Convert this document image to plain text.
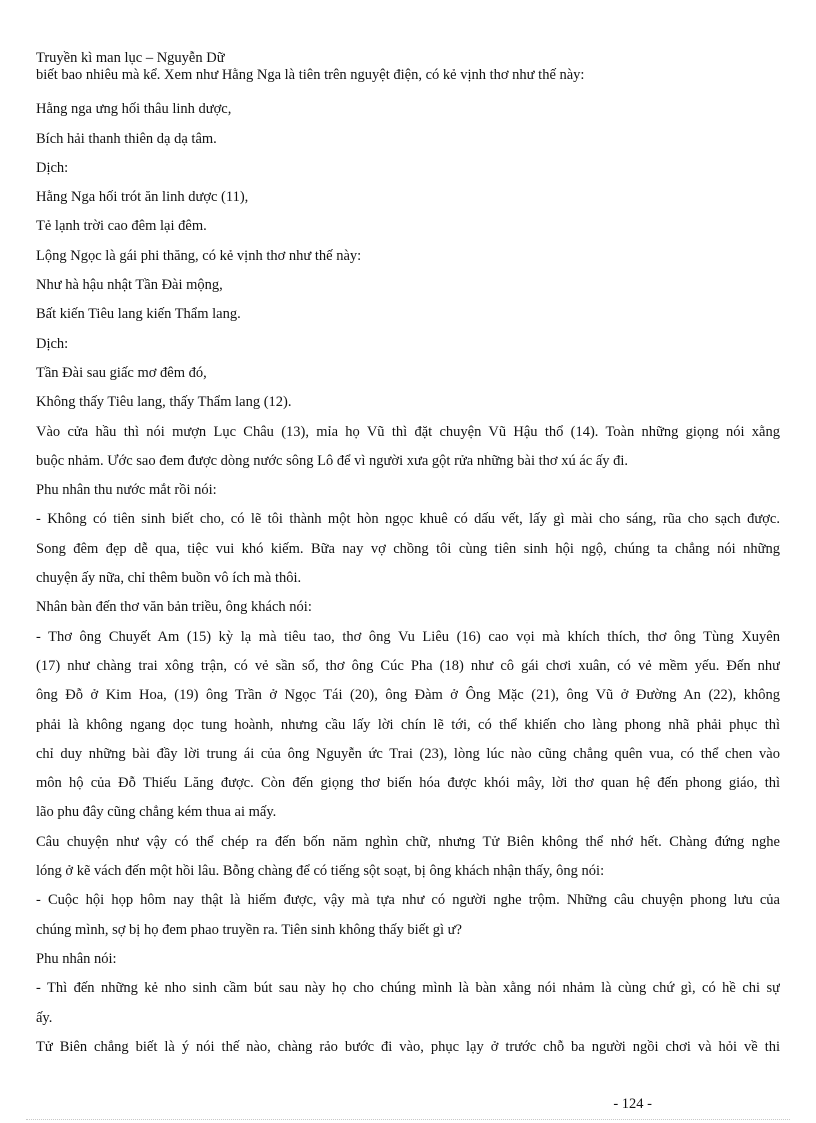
Truyền kì man lục – Nguyễn Dữ
biết bao nhiêu mà kể. Xem như Hằng Nga là tiên trên nguyệt điện, có kẻ vịnh thơ như thế này:
Hằng nga ưng hối thâu linh dược,
Bích hải thanh thiên dạ dạ tâm.
Dịch:
Hằng Nga hối trót ăn linh dược (11),
Tẻ lạnh trời cao đêm lại đêm.
Lộng Ngọc là gái phi thăng, có kẻ vịnh thơ như thế này:
Như hà hậu nhật Tần Đài mộng,
Bất kiến Tiêu lang kiến Thẩm lang.
Dịch:
Tần Đài sau giấc mơ đêm đó,
Không thấy Tiêu lang, thấy Thẩm lang (12).
Vào cửa hầu thì nói mượn Lục Châu (13), mỉa họ Vũ thì đặt chuyện Vũ Hậu thổ (14). Toàn những giọng nói xằng
buộc nhảm. Ước sao đem được dòng nước sông Lô để vì người xưa gột rửa những bài thơ xú ác ấy đi.
Phu nhân thu nước mắt rồi nói:
- Không có tiên sinh biết cho, có lẽ tôi thành một hòn ngọc khuê có dấu vết, lấy gì mài cho sáng, rũa cho sạch được.
Song đêm đẹp dễ qua, tiệc vui khó kiếm. Bữa nay vợ chồng tôi cùng tiên sinh hội ngộ, chúng ta chẳng nói những
chuyện ấy nữa, chỉ thêm buồn vô ích mà thôi.
Nhân bàn đến thơ văn bản triều, ông khách nói:
- Thơ ông Chuyết Am (15) kỳ lạ mà tiêu tao, thơ ông Vu Liêu (16) cao vọi mà khích thích, thơ ông Tùng Xuyên
(17) như chàng trai xông trận, có vẻ sần sổ, thơ ông Cúc Pha (18) như cô gái chơi xuân, có vẻ mềm yếu. Đến như
ông Đỗ ở Kim Hoa, (19) ông Trần ở Ngọc Tái (20), ông Đàm ở Ông Mặc (21), ông Vũ ở Đường An (22), không
phải là không ngang dọc tung hoành, nhưng cầu lấy lời chín lẽ tới, có thể khiến cho làng phong nhã phải phục thì
chỉ duy những bài đầy lời trung ái của ông Nguyễn ức Trai (23), lòng lúc nào cũng chẳng quên vua, có thể chen vào
môn hộ của Đỗ Thiếu Lăng được. Còn đến giọng thơ biến hóa được khói mây, lời thơ quan hệ đến phong giáo, thì
lão phu đây cũng chẳng kém thua ai mấy.
Câu chuyện như vậy có thể chép ra đến bốn năm nghìn chữ, nhưng Tử Biên không thể nhớ hết. Chàng đứng nghe
lóng ở kẽ vách đến một hồi lâu. Bỗng chàng để có tiếng sột soạt, bị ông khách nhận thấy, ông nói:
- Cuộc hội họp hôm nay thật là hiếm được, vậy mà tựa như có người nghe trộm. Những câu chuyện phong lưu của
chúng mình, sợ bị họ đem phao truyền ra. Tiên sinh không thấy biết gì ư?
Phu nhân nói:
- Thì đến những kẻ nho sinh cầm bút sau này họ cho chúng mình là bàn xằng nói nhảm là cùng chứ gì, có hề chi sự
ấy.
Tử Biên chẳng biết là ý nói thế nào, chàng rảo bước đi vào, phục lạy ở trước chỗ ba người ngồi chơi và hỏi về thi
- 124 -
